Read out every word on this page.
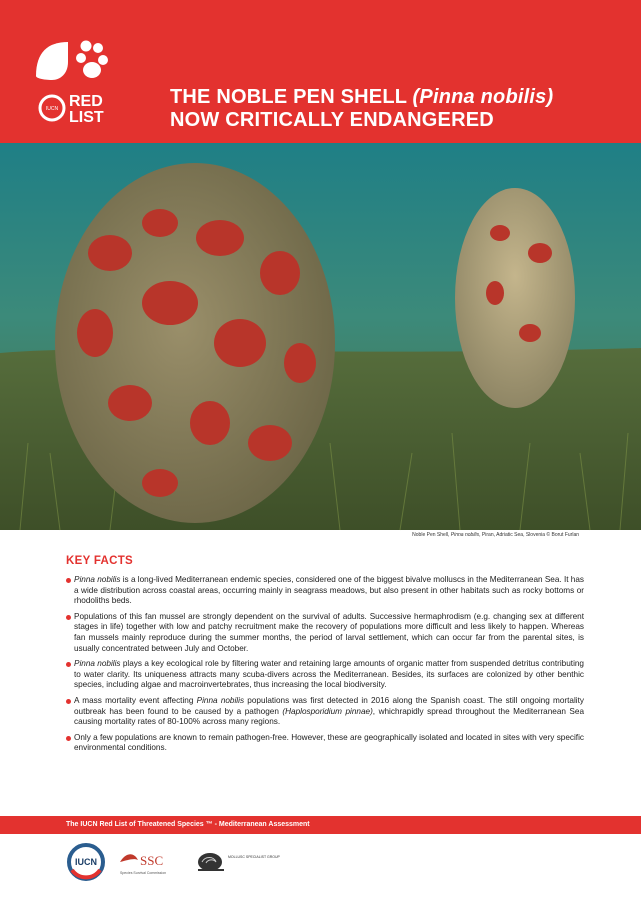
IUCN RED
LIST
THE NOBLE PEN SHELL (Pinna nobilis)
NOW CRITICALLY ENDANGERED
Noble Pen Shell, Pinna nobilis, Piran, Adriatic Sea, Slovenia © Borut Furlan
KEY FACTS
Pinna nobilis is a long-lived Mediterranean endemic species, considered one of the biggest bivalve molluscs in the Mediterranean Sea. It has a wide distribution across coastal areas, occurring mainly in seagrass meadows, but also present in other habitats such as rocky bottoms or rhodoliths beds.
Populations of this fan mussel are strongly dependent on the survival of adults. Successive hermaphrodism (e.g. changing sex at different stages in life) together with low and patchy recruitment make the recovery of populations more difficult and less likely to happen. Whereas fan mussels mainly reproduce during the summer months, the period of larval settlement, which can occur far from the parental sites, is usually concentrated between July and October.
Pinna nobilis plays a key ecological role by filtering water and retaining large amounts of organic matter from suspended detritus contributing to water clarity. Its uniqueness attracts many scuba-divers across the Mediterranean. Besides, its surfaces are colonized by other benthic species, including algae and macroinvertebrates, thus increasing the local biodiversity.
A mass mortality event affecting Pinna nobilis populations was first detected in 2016 along the Spanish coast. The still ongoing mortality outbreak has been found to be caused by a pathogen (Haplosporidium pinnae), whichrapidly spread throughout the Mediterranean Sea causing mortality rates of 80-100% across many regions.
Only a few populations are known to remain pathogen-free. However, these are geographically isolated and located in sites with very specific environmental conditions.
The IUCN Red List of Threatened Species ™ - Mediterranean Assessment
IUCN	SSC
Species Survival Commission
MOLLUSC SPECIALIST GROUP
